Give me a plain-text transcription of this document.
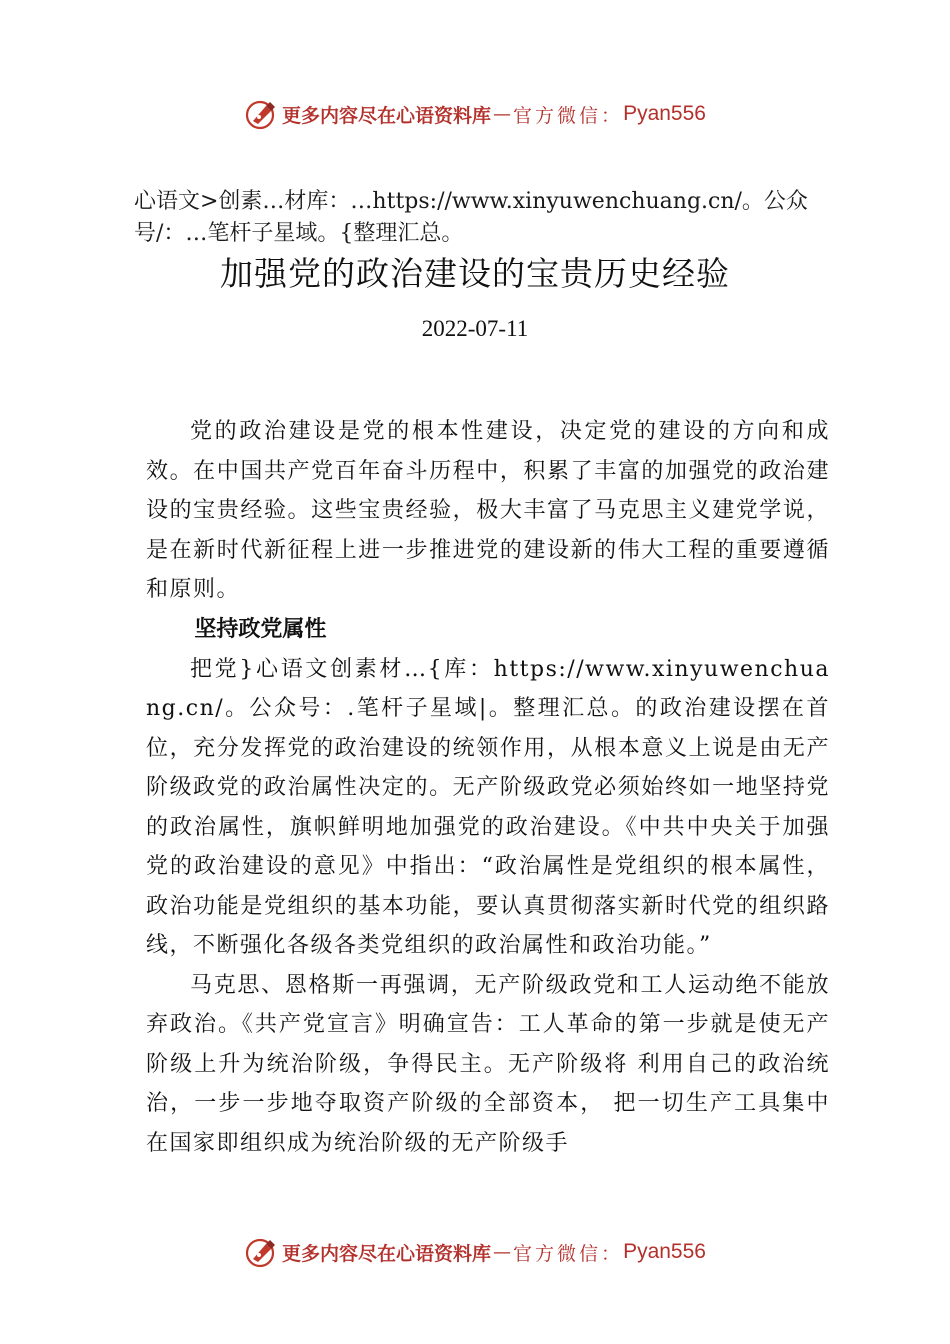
更多内容尽在心语资料库 — 官方微信： Pyan556
心语文>创素…材库：…https://www.xinyuwenchuang.cn/。公众号/：…笔杆子星域。{整理汇总。
加强党的政治建设的宝贵历史经验
2022-07-11

党的政治建设是党的根本性建设，决定党的建设的方向和成效。在中国共产党百年奋斗历程中，积累了丰富的加强党的政治建设的宝贵经验。这些宝贵经验，极大丰富了马克思主义建党学说，是在新时代新征程上进一步推进党的建设新的伟大工程的重要遵循和原则。

坚持政党属性

把党}心语文创素材…{库：https://www.xinyuwenchuang.cn/。公众号：.笔杆子星域|。整理汇总。的政治建设摆在首位，充分发挥党的政治建设的统领作用，从根本意义上说是由无产阶级政党的政治属性决定的。无产阶级政党必须始终如一地坚持党的政治属性，旗帜鲜明地加强党的政治建设。《中共中央关于加强党的政治建设的意见》中指出：“政治属性是党组织的根本属性，政治功能是党组织的基本功能，要认真贯彻落实新时代党的组织路线，不断强化各级各类党组织的政治属性和政治功能。”

马克思、恩格斯一再强调，无产阶级政党和工人运动绝不能放弃政治。《共产党宣言》明确宣告：工人革命的第一步就是使无产阶级上升为统治阶级，争得民主。无产阶级将 利用自己的政治统治，一步一步地夺取资产阶级的全部资本， 把一切生产工具集中在国家即组织成为统治阶级的无产阶级手

更多内容尽在心语资料库 — 官方微信： Pyan556
